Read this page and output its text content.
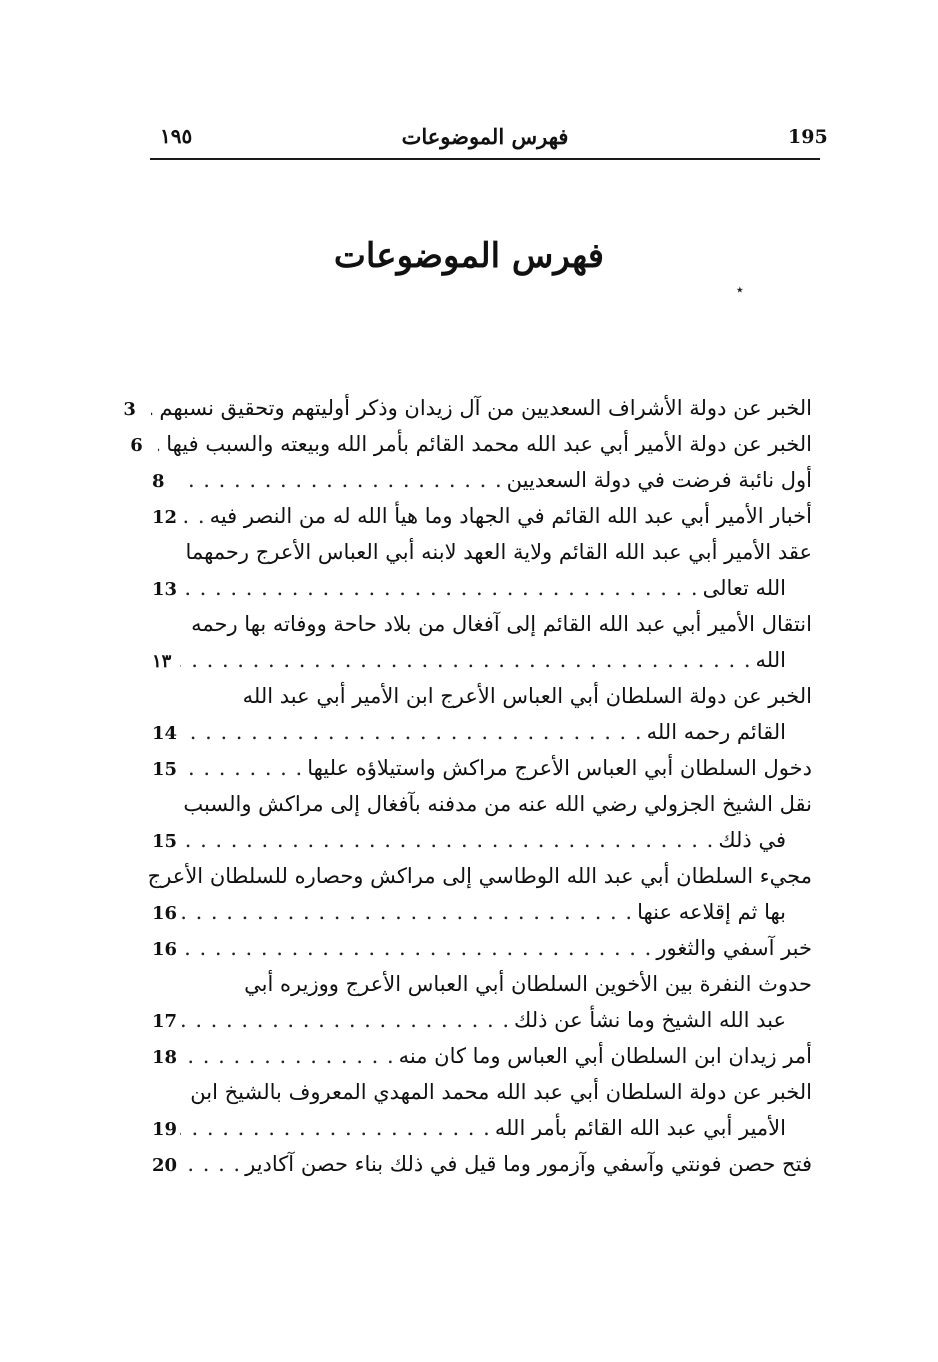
١٩٥	فهرس الموضوعات	195
فهرس الموضوعات
٭
الخبر عن دولة الأشراف السعديين من آل زيدان وذكر أوليتهم وتحقيق نسبهم
. . .
3
الخبر عن دولة الأمير أبي عبد الله محمد القائم بأمر الله وبيعته والسبب فيها
. . .
6
أول نائبة فرضت في دولة السعديين
. . .
8
أخبار الأمير أبي عبد الله القائم في الجهاد وما هيأ الله له من النصر فيه
. . .
12
عقد الأمير أبي عبد الله القائم ولاية العهد لابنه أبي العباس الأعرج رحمهما
الله تعالى
. . .
13
انتقال الأمير أبي عبد الله القائم إلى آفغال من بلاد حاحة ووفاته بها رحمه
الله
. . .
١٣
الخبر عن دولة السلطان أبي العباس الأعرج ابن الأمير أبي عبد الله
القائم رحمه الله
. . .
14
دخول السلطان أبي العباس الأعرج مراكش واستيلاؤه عليها
. . .
15
نقل الشيخ الجزولي رضي الله عنه من مدفنه بآفغال إلى مراكش والسبب
في ذلك
. . .
15
مجيء السلطان أبي عبد الله الوطاسي إلى مراكش وحصاره للسلطان الأعرج
بها ثم إقلاعه عنها
. . .
16
خبر آسفي والثغور
. . .
16
حدوث النفرة بين الأخوين السلطان أبي العباس الأعرج ووزيره أبي
عبد الله الشيخ وما نشأ عن ذلك
. . .
17
أمر زيدان ابن السلطان أبي العباس وما كان منه
. . .
18
الخبر عن دولة السلطان أبي عبد الله محمد المهدي المعروف بالشيخ ابن
الأمير أبي عبد الله القائم بأمر الله
. . .
19
فتح حصن فونتي وآسفي وآزمور وما قيل في ذلك بناء حصن آكادير
. . .
20
